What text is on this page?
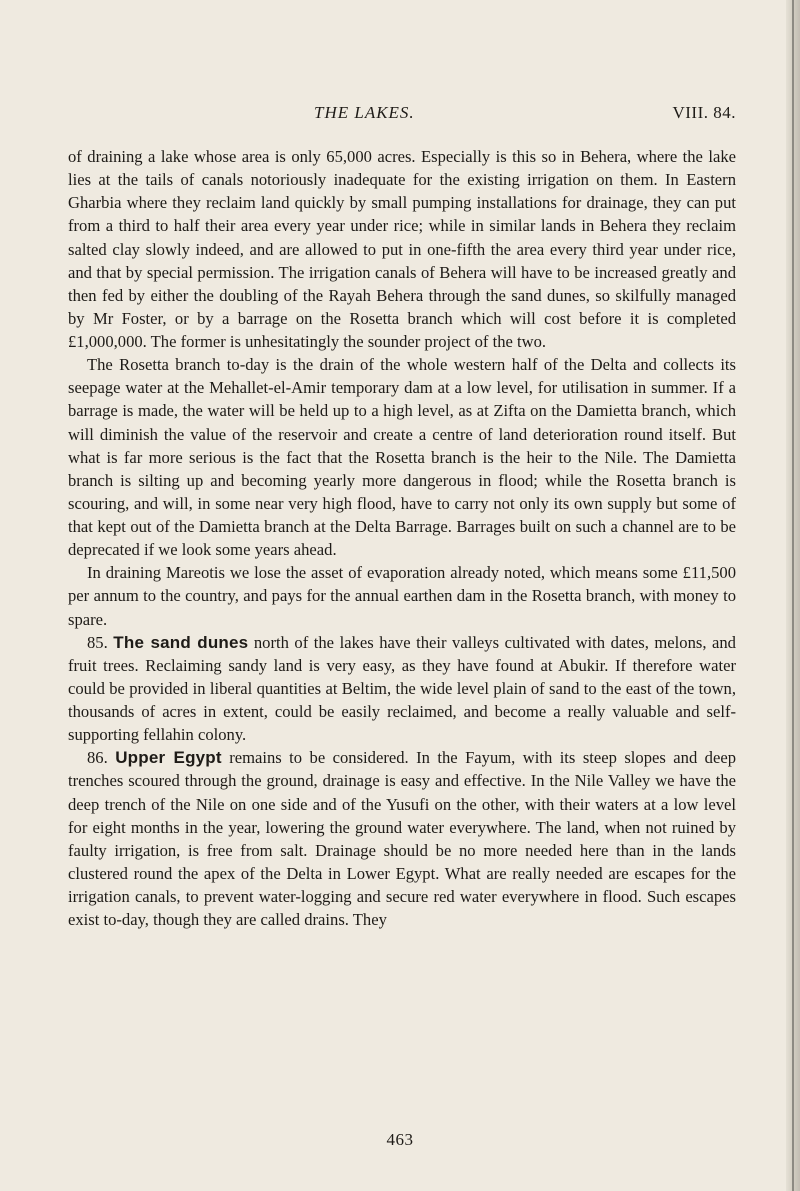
THE LAKES.	VIII. 84.

of draining a lake whose area is only 65,000 acres. Especially is this so in Behera, where the lake lies at the tails of canals notoriously inadequate for the existing irrigation on them. In Eastern Gharbia where they reclaim land quickly by small pumping installations for drainage, they can put from a third to half their area every year under rice; while in similar lands in Behera they reclaim salted clay slowly indeed, and are allowed to put in one-fifth the area every third year under rice, and that by special permission. The irrigation canals of Behera will have to be increased greatly and then fed by either the doubling of the Rayah Behera through the sand dunes, so skilfully managed by Mr Foster, or by a barrage on the Rosetta branch which will cost before it is completed £1,000,000. The former is unhesitatingly the sounder project of the two.

The Rosetta branch to-day is the drain of the whole western half of the Delta and collects its seepage water at the Mehallet-el-Amir temporary dam at a low level, for utilisation in summer. If a barrage is made, the water will be held up to a high level, as at Zifta on the Damietta branch, which will diminish the value of the reservoir and create a centre of land deterioration round itself. But what is far more serious is the fact that the Rosetta branch is the heir to the Nile. The Damietta branch is silting up and becoming yearly more dangerous in flood; while the Rosetta branch is scouring, and will, in some near very high flood, have to carry not only its own supply but some of that kept out of the Damietta branch at the Delta Barrage. Barrages built on such a channel are to be deprecated if we look some years ahead.

In draining Mareotis we lose the asset of evaporation already noted, which means some £11,500 per annum to the country, and pays for the annual earthen dam in the Rosetta branch, with money to spare.

85. The sand dunes north of the lakes have their valleys cultivated with dates, melons, and fruit trees. Reclaiming sandy land is very easy, as they have found at Abukir. If therefore water could be provided in liberal quantities at Beltim, the wide level plain of sand to the east of the town, thousands of acres in extent, could be easily reclaimed, and become a really valuable and self-supporting fellahin colony.

86. Upper Egypt remains to be considered. In the Fayum, with its steep slopes and deep trenches scoured through the ground, drainage is easy and effective. In the Nile Valley we have the deep trench of the Nile on one side and of the Yusufi on the other, with their waters at a low level for eight months in the year, lowering the ground water everywhere. The land, when not ruined by faulty irrigation, is free from salt. Drainage should be no more needed here than in the lands clustered round the apex of the Delta in Lower Egypt. What are really needed are escapes for the irrigation canals, to prevent water-logging and secure red water everywhere in flood. Such escapes exist to-day, though they are called drains. They

463
